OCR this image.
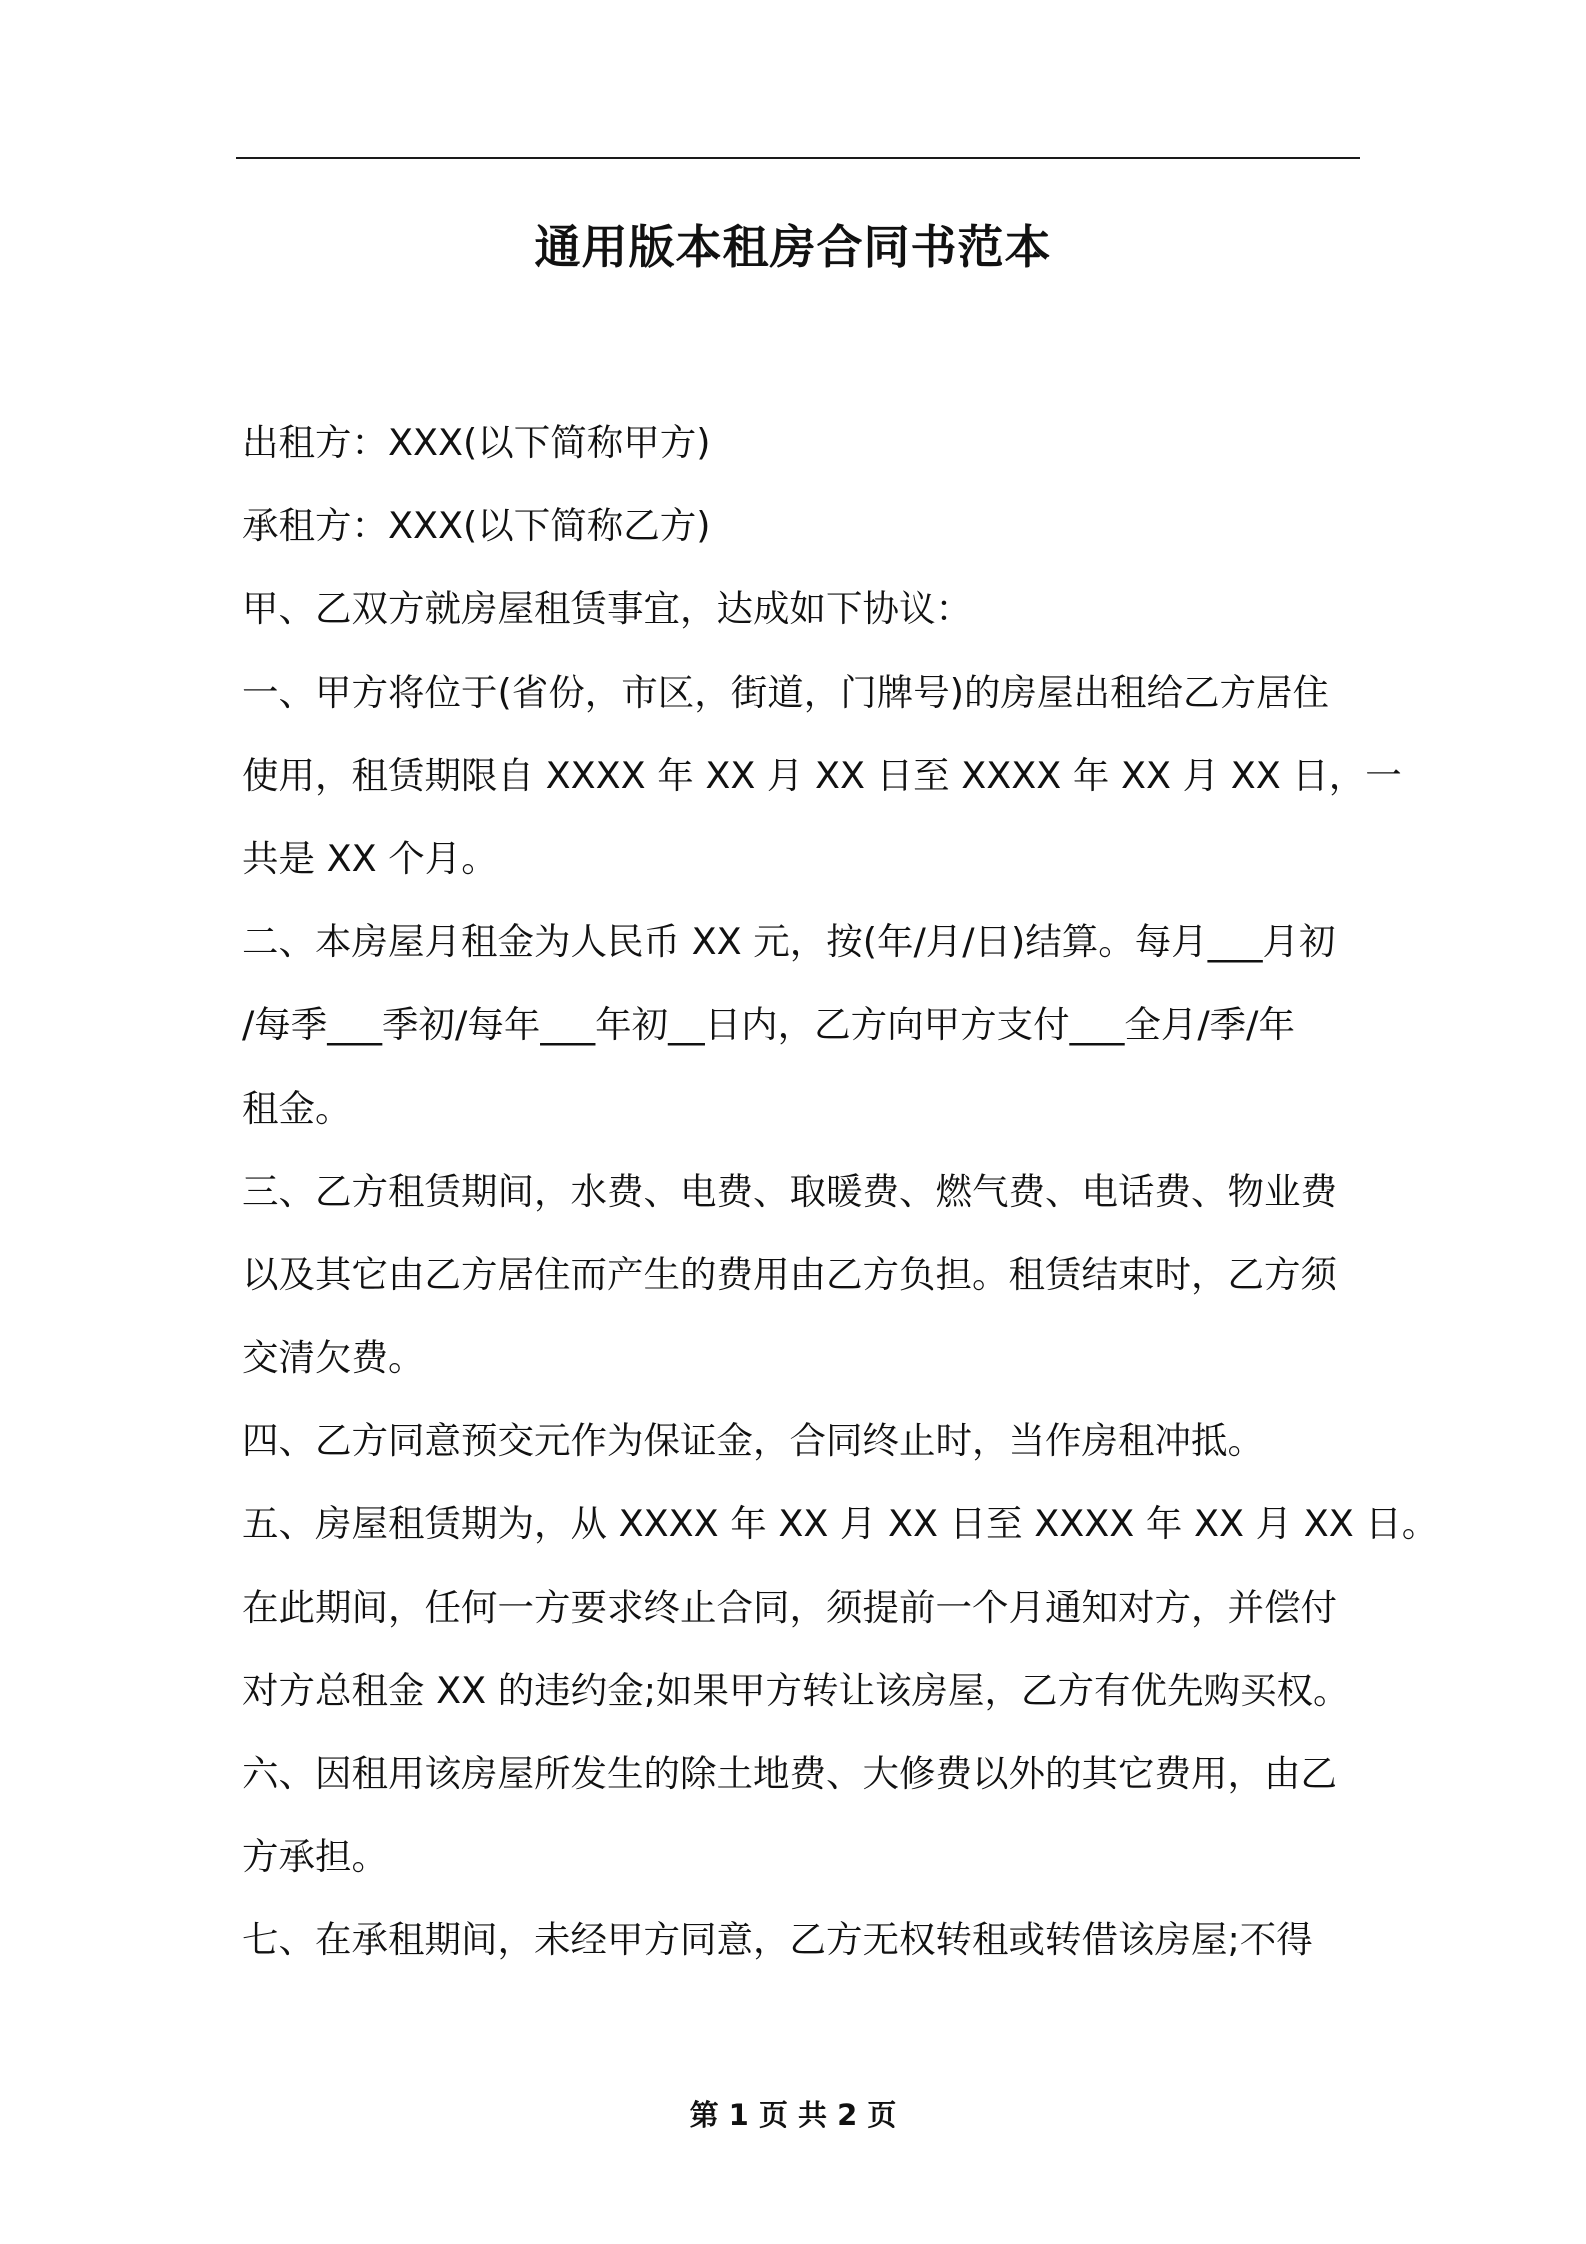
通用版本租房合同书范本
出租方：XXX(以下简称甲方)
承租方：XXX(以下简称乙方)
甲、乙双方就房屋租赁事宜，达成如下协议：
一、甲方将位于(省份，市区，街道，门牌号)的房屋出租给乙方居住
使用，租赁期限自 XXXX 年 XX 月 XX 日至 XXXX 年 XX 月 XX 日，一
共是 XX 个月。
二、本房屋月租金为人民币 XX 元，按(年/月/日)结算。每月___月初
/每季___季初/每年___年初__日内，乙方向甲方支付___全月/季/年
租金。
三、乙方租赁期间，水费、电费、取暖费、燃气费、电话费、物业费
以及其它由乙方居住而产生的费用由乙方负担。租赁结束时，乙方须
交清欠费。
四、乙方同意预交元作为保证金，合同终止时，当作房租冲抵。
五、房屋租赁期为，从 XXXX 年 XX 月 XX 日至 XXXX 年 XX 月 XX 日。
在此期间，任何一方要求终止合同，须提前一个月通知对方，并偿付
对方总租金 XX 的违约金;如果甲方转让该房屋，乙方有优先购买权。
六、因租用该房屋所发生的除土地费、大修费以外的其它费用，由乙
方承担。
七、在承租期间，未经甲方同意，乙方无权转租或转借该房屋;不得
第 1 页 共 2 页
